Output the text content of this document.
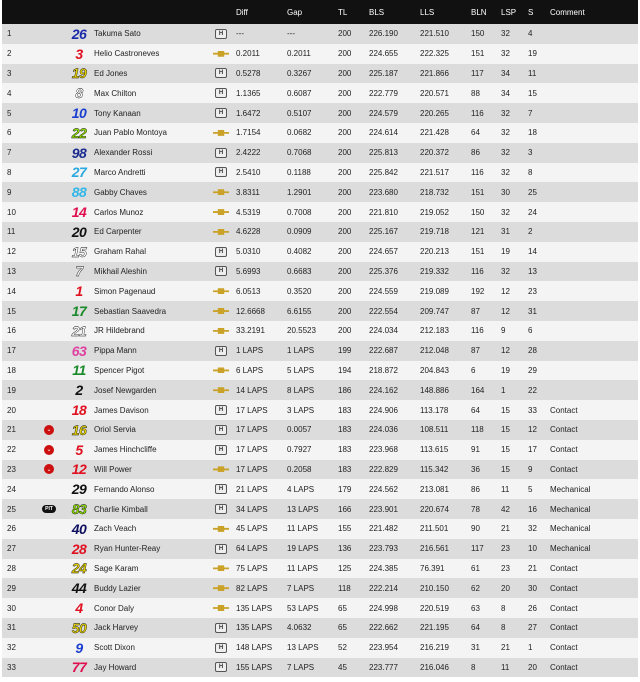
Diff	Gap	TL	BLS	LLS	BLN	LSP	S	Comment
1	26 Takuma Sato	H	---	---	200	226.190	221.510	150	32	4
2	3	Helio Castroneves	0.2011	0.2011	200	224.655	222.325	151	32	19
3	19 Ed Jones	H	0.5278	0.3267	200	225.187	221.866	117	34	11
4	8	Max Chilton	H	1.1365	0.6087	200	222.779	220.571	88	34	15
5	10 Tony Kanaan	H	1.6472	0.5107	200	224.579	220.265	116	32	7
6	22 Juan Pablo Montoya	1.7154	0.0682	200	224.614	221.428	64	32	18
7	98 Alexander Rossi	H	2.4222	0.7068	200	225.813	220.372	86	32	3
8	27 Marco Andretti	H	2.5410	0.1188	200	225.842	221.517	116	32	8
9	88 Gabby Chaves	3.8311	1.2901	200	223.680	218.732	151	30	25
10	14 Carlos Munoz	4.5319	0.7008	200	221.810	219.052	150	32	24
11	20 Ed Carpenter	4.6228	0.0909	200	225.167	219.718	121	31	2
12	15 Graham Rahal	H	5.0310	0.4082	200	224.657	220.213	151	19	14
13	7	Mikhail Aleshin	H	5.6993	0.6683	200	225.376	219.332	116	32	13
14	1	Simon Pagenaud	6.0513	0.3520	200	224.559	219.089	192	12	23
15	17 Sebastian Saavedra	12.6668	6.6155	200	222.554	209.747	87	12	31
16	21 JR Hildebrand	33.2191	20.5523	200	224.034	212.183	116	9	6
17	63 Pippa Mann	H	1 LAPS	1 LAPS	199	222.687	212.048	87	12	28
18	11	Spencer Pigot	6 LAPS	5 LAPS	194	218.872	204.843	6	19	29
19	2	Josef Newgarden	14 LAPS	8 LAPS	186	224.162	148.886	164	1	22
20	18 James Davison	H	17 LAPS	3 LAPS	183	224.906	113.178	64	15	33	Contact
21	⌄	16 Oriol Servia	H	17 LAPS	0.0057	183	224.036	108.511	118	15	12	Contact
22	⌄	5	James Hinchcliffe	H	17 LAPS	0.7927	183	223.968	113.615	91	15	17	Contact
23	⌄	12 Will Power	17 LAPS	0.2058	183	222.829	115.342	36	15	9	Contact
24	29 Fernando Alonso	H	21 LAPS	4 LAPS	179	224.562	213.081	86	11	5	Mechanical
25	PIT	83 Charlie Kimball	H	34 LAPS	13 LAPS	166	223.901	220.674	78	42	16	Mechanical
26	40 Zach Veach	45 LAPS	11 LAPS	155	221.482	211.501	90	21	32	Mechanical
27	28 Ryan Hunter-Reay	H	64 LAPS	19 LAPS	136	223.793	216.561	117	23	10	Mechanical
28	24 Sage Karam	75 LAPS	11 LAPS	125	224.385	76.391	61	23	21	Contact
29	44 Buddy Lazier	82 LAPS	7 LAPS	118	222.214	210.150	62	20	30	Contact
30	4	Conor Daly	135 LAPS	53 LAPS	65	224.998	220.519	63	8	26	Contact
31	50 Jack Harvey	H	135 LAPS	4.0632	65	222.662	221.195	64	8	27	Contact
32	9	Scott Dixon	H	148 LAPS	13 LAPS	52	223.954	216.219	31	21	1	Contact
33	77 Jay Howard	H	155 LAPS	7 LAPS	45	223.777	216.046	8	11	20	Contact
